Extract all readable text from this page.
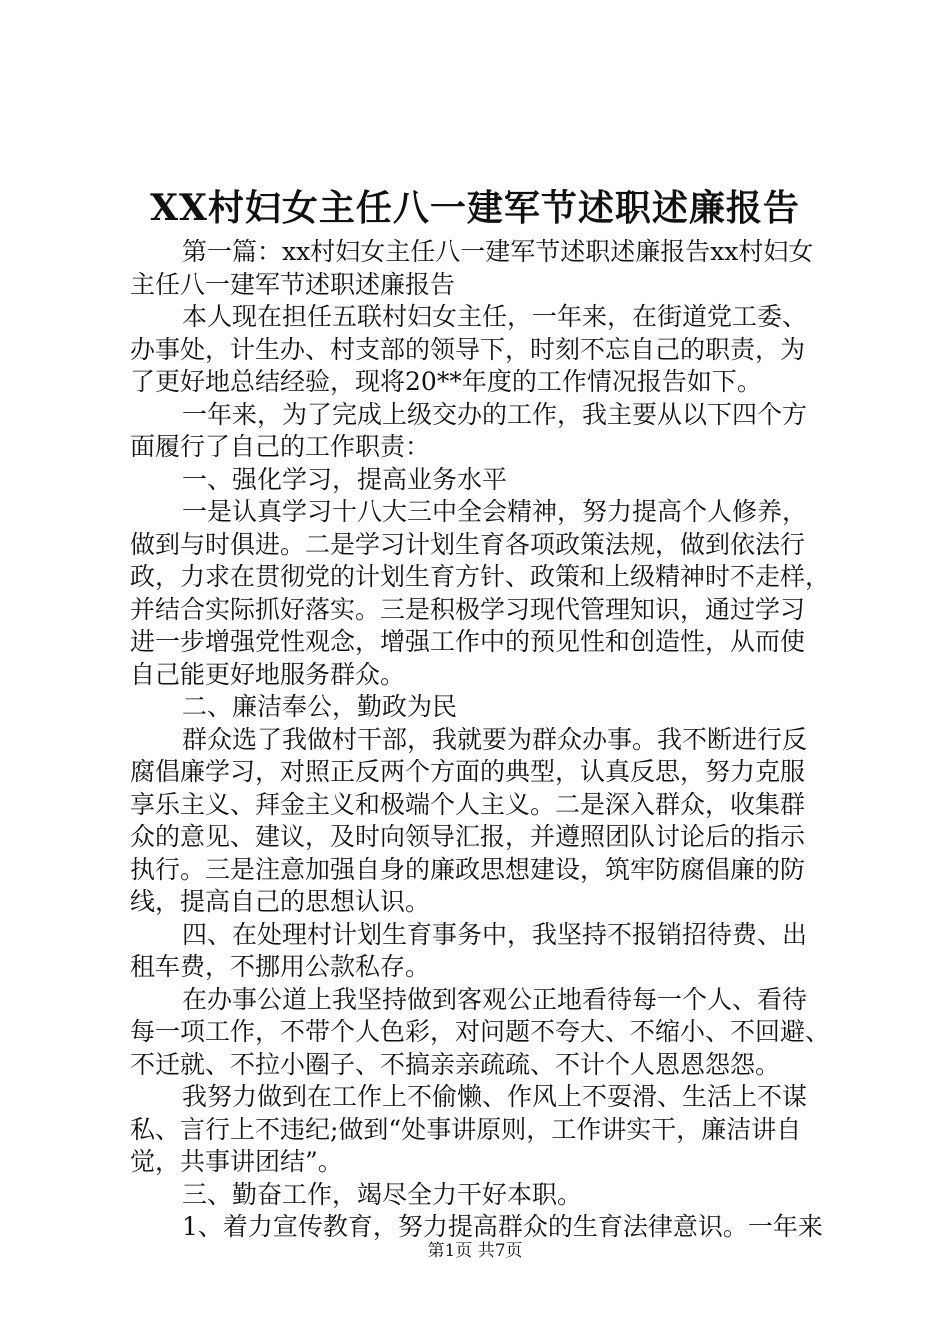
XX村妇女主任八一建军节述职述廉报告
第一篇：xx村妇女主任八一建军节述职述廉报告xx村妇女
主任八一建军节述职述廉报告
本人现在担任五联村妇女主任，一年来，在街道党工委、
办事处，计生办、村支部的领导下，时刻不忘自己的职责，为
了更好地总结经验，现将20**年度的工作情况报告如下。
一年来，为了完成上级交办的工作，我主要从以下四个方
面履行了自己的工作职责：
一、强化学习，提高业务水平
一是认真学习十八大三中全会精神，努力提高个人修养，
做到与时俱进。二是学习计划生育各项政策法规，做到依法行
政，力求在贯彻党的计划生育方针、政策和上级精神时不走样，
并结合实际抓好落实。三是积极学习现代管理知识，通过学习
进一步增强党性观念，增强工作中的预见性和创造性，从而使
自己能更好地服务群众。
二、廉洁奉公，勤政为民
群众选了我做村干部，我就要为群众办事。我不断进行反
腐倡廉学习，对照正反两个方面的典型，认真反思，努力克服
享乐主义、拜金主义和极端个人主义。二是深入群众，收集群
众的意见、建议，及时向领导汇报，并遵照团队讨论后的指示
执行。三是注意加强自身的廉政思想建设，筑牢防腐倡廉的防
线，提高自己的思想认识。
四、在处理村计划生育事务中，我坚持不报销招待费、出
租车费，不挪用公款私存。
在办事公道上我坚持做到客观公正地看待每一个人、看待
每一项工作，不带个人色彩，对问题不夸大、不缩小、不回避、
不迁就、不拉小圈子、不搞亲亲疏疏、不计个人恩恩怨怨。
我努力做到在工作上不偷懒、作风上不耍滑、生活上不谋
私、言行上不违纪;做到“处事讲原则，工作讲实干，廉洁讲自
觉，共事讲团结”。
三、勤奋工作，竭尽全力干好本职。
1、着力宣传教育，努力提高群众的生育法律意识。一年来
第1页 共7页
